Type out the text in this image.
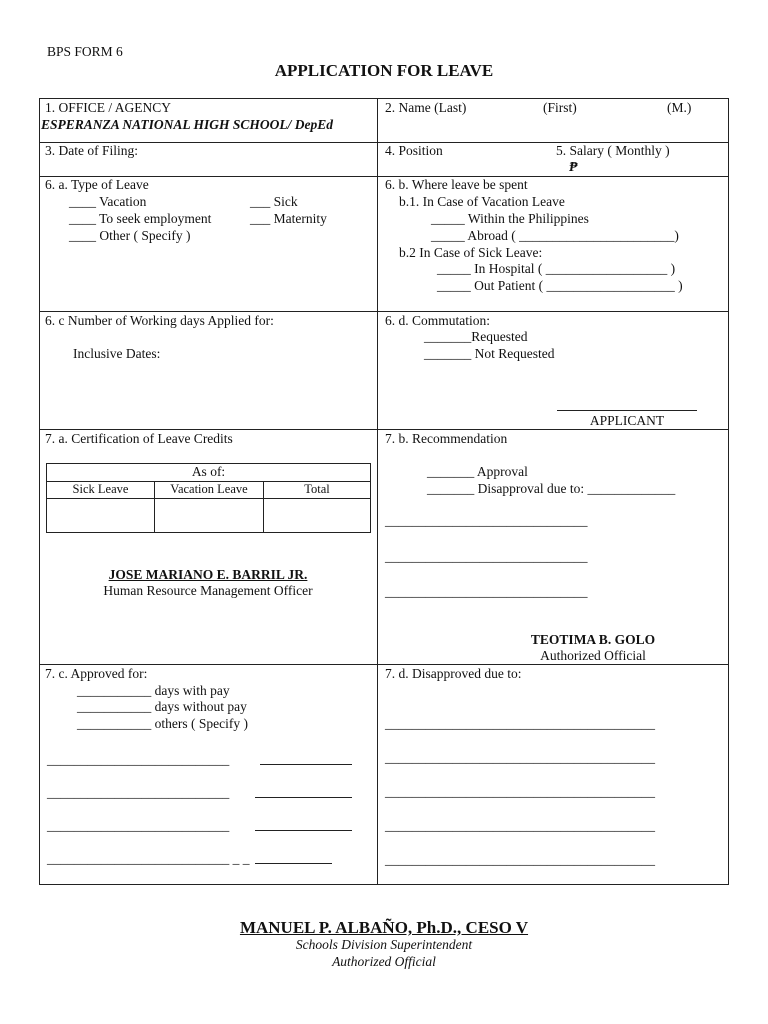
BPS FORM 6
APPLICATION FOR LEAVE
1. OFFICE / AGENCY
ESPERANZA NATIONAL HIGH SCHOOL/ DepEd
2. Name (Last)	(First)	(M.)
3. Date of Filing:	4. Position	5. Salary ( Monthly )
₱
6. a. Type of Leave
____ Vacation	___ Sick
____ To seek employment	___ Maternity
____ Other ( Specify )
6. b. Where leave be spent
b.1. In Case of Vacation Leave
_____ Within the Philippines
_____ Abroad ( _______________________)
b.2 In Case of Sick Leave:
_____ In Hospital ( __________________ )
_____ Out Patient ( ___________________ )
6. c Number of Working days Applied for:
Inclusive Dates:
6. d. Commutation:
_______Requested
_______ Not Requested
APPLICANT
7. a. Certification of Leave Credits
As of:		
Sick Leave	Vacation Leave	Total

JOSE MARIANO E. BARRIL JR.
Human Resource Management Officer
7. b. Recommendation
_______ Approval
_______ Disapproval due to: _____________
______________________________
______________________________
______________________________
TEOTIMA B. GOLO
Authorized Official
7. c. Approved for:
___________ days with pay
___________ days without pay
___________ others ( Specify )
___________________________
___________________________
___________________________
___________________________ _ _
7. d. Disapproved due to:
________________________________________
________________________________________
________________________________________
________________________________________
________________________________________
MANUEL P. ALBAÑO, Ph.D., CESO V
Schools Division Superintendent
Authorized Official
